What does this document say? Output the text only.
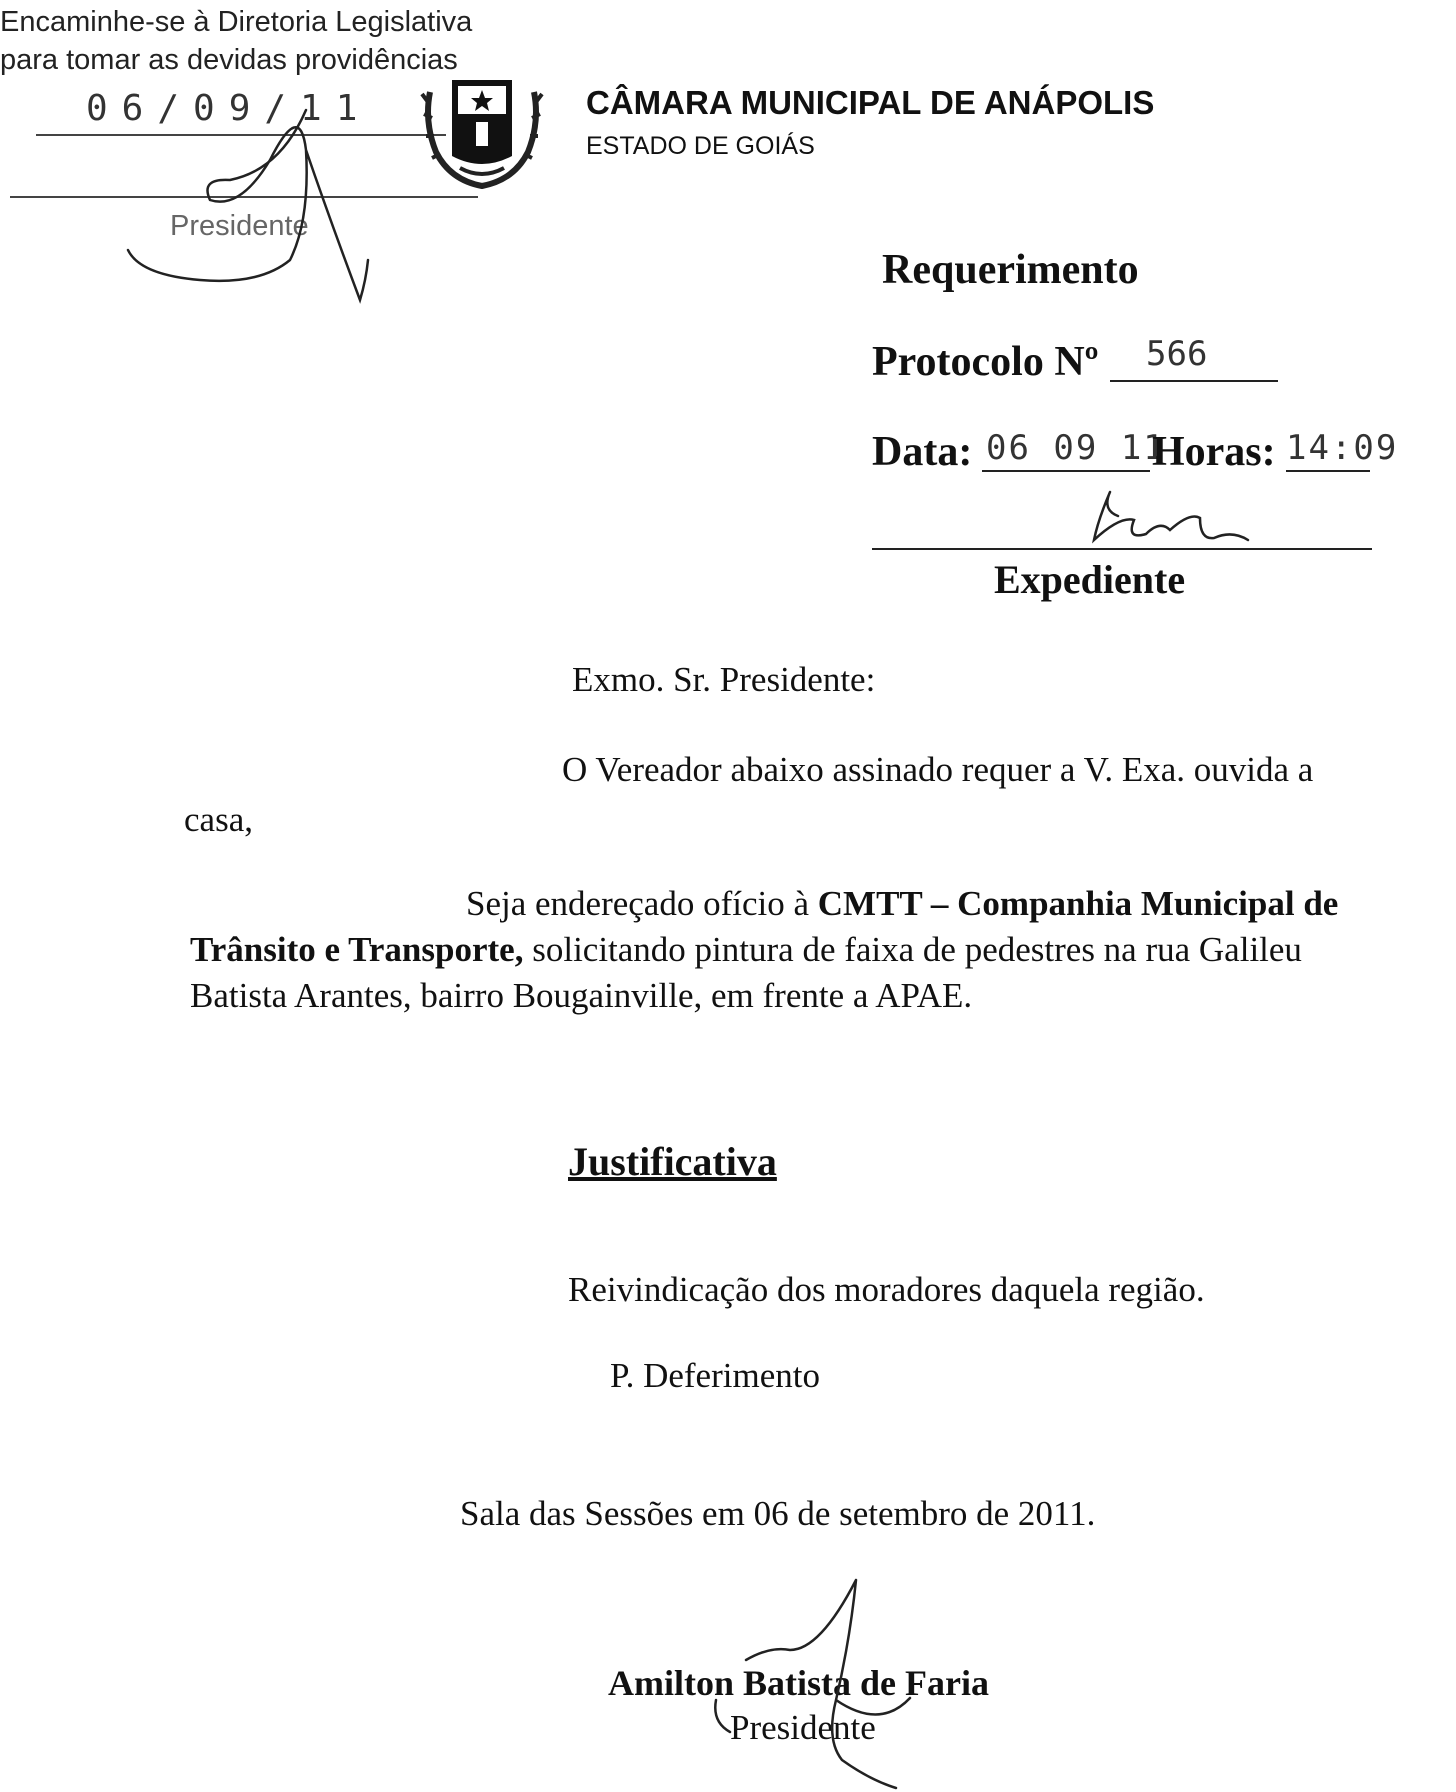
Encaminhe-se à Diretoria Legislativa
para tomar as devidas providências
06/09/11
Presidente
CÂMARA MUNICIPAL DE ANÁPOLIS
ESTADO DE GOIÁS
Requerimento
Protocolo Nº 566
Data: 06 09 11
Horas: 14:09
Expediente
Exmo. Sr. Presidente:
O Vereador abaixo assinado requer a V. Exa. ouvida a
casa,
Seja endereçado ofício à CMTT – Companhia Municipal de
Trânsito e Transporte, solicitando pintura de faixa de pedestres na rua Galileu
Batista Arantes, bairro Bougainville, em frente a APAE.
Justificativa
Reivindicação dos moradores daquela região.
P. Deferimento
Sala das Sessões em 06 de setembro de 2011.
Amilton Batista de Faria
Presidente
